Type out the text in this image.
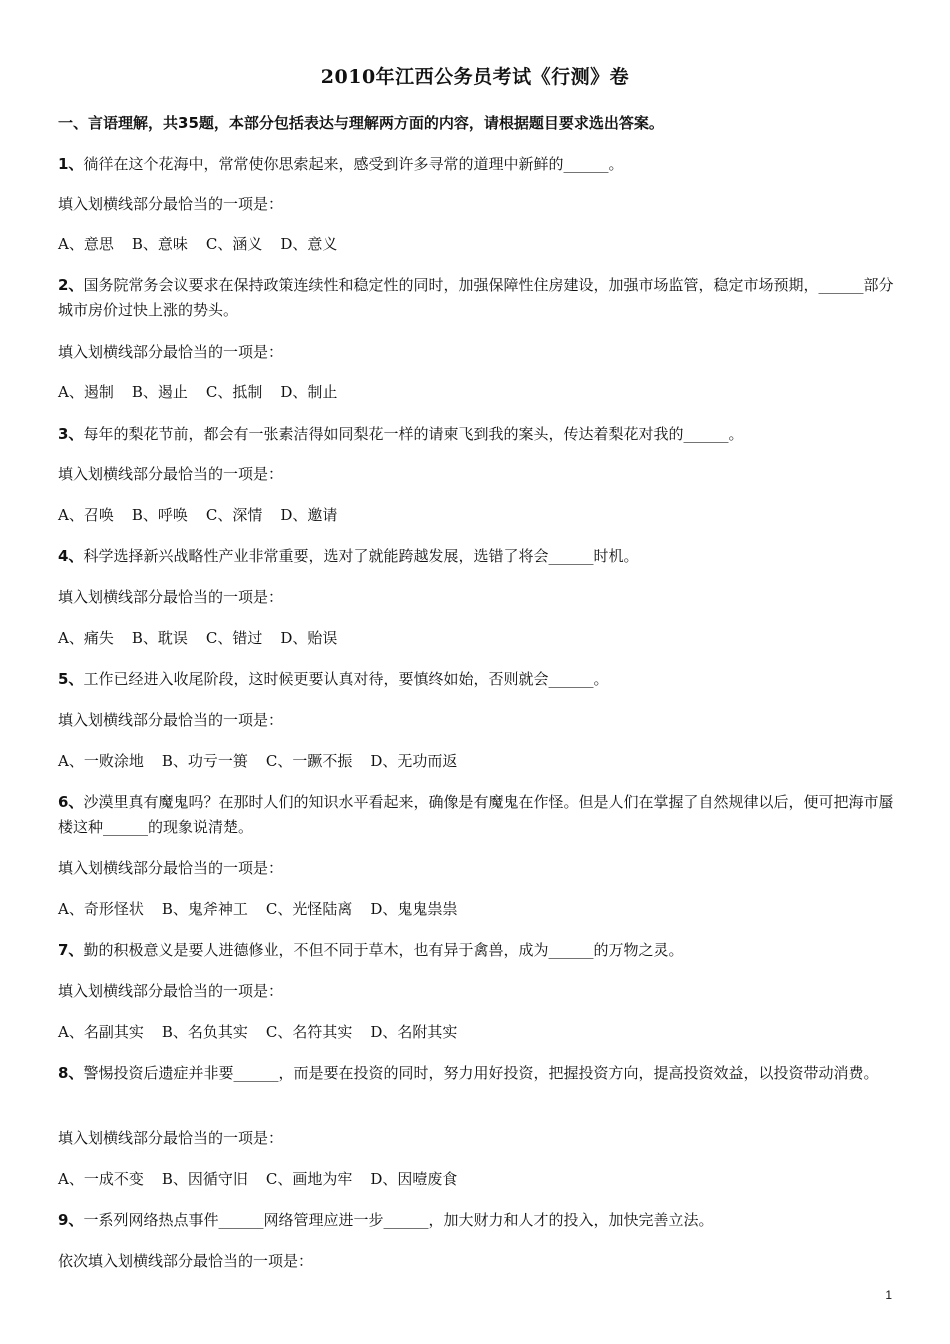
2010年江西公务员考试《行测》卷
一、言语理解，共35题，本部分包括表达与理解两方面的内容，请根据题目要求选出答案。
1、徜徉在这个花海中，常常使你思索起来，感受到许多寻常的道理中新鲜的______。
填入划横线部分最恰当的一项是：
A、意思 B、意味 C、涵义 D、意义
2、国务院常务会议要求在保持政策连续性和稳定性的同时，加强保障性住房建设，加强市场监管，稳定市场预期，______部分城市房价过快上涨的势头。
填入划横线部分最恰当的一项是：
A、遏制 B、遏止 C、抵制 D、制止
3、每年的梨花节前，都会有一张素洁得如同梨花一样的请柬飞到我的案头，传达着梨花对我的______。
填入划横线部分最恰当的一项是：
A、召唤 B、呼唤 C、深情 D、邀请
4、科学选择新兴战略性产业非常重要，选对了就能跨越发展，选错了将会______时机。
填入划横线部分最恰当的一项是：
A、痛失 B、耽误 C、错过 D、贻误
5、工作已经进入收尾阶段，这时候更要认真对待，要慎终如始，否则就会______。
填入划横线部分最恰当的一项是：
A、一败涂地 B、功亏一篑 C、一蹶不振 D、无功而返
6、沙漠里真有魔鬼吗？在那时人们的知识水平看起来，确像是有魔鬼在作怪。但是人们在掌握了自然规律以后，便可把海市蜃楼这种______的现象说清楚。
填入划横线部分最恰当的一项是：
A、奇形怪状 B、鬼斧神工 C、光怪陆离 D、鬼鬼祟祟
7、勤的积极意义是要人进德修业，不但不同于草木，也有异于禽兽，成为______的万物之灵。
填入划横线部分最恰当的一项是：
A、名副其实 B、名负其实 C、名符其实 D、名附其实
8、警惕投资后遗症并非要______，而是要在投资的同时，努力用好投资，把握投资方向，提高投资效益，以投资带动消费。
填入划横线部分最恰当的一项是：
A、一成不变 B、因循守旧 C、画地为牢 D、因噎废食
9、一系列网络热点事件______网络管理应进一步______，加大财力和人才的投入，加快完善立法。
依次填入划横线部分最恰当的一项是：
1
